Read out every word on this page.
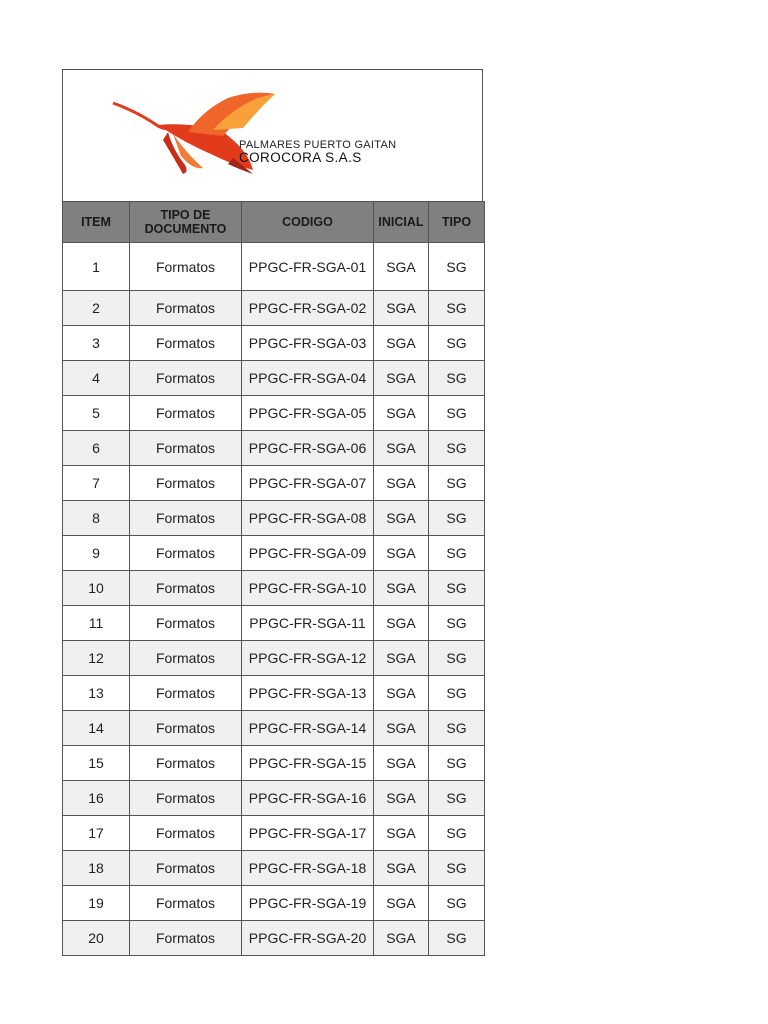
PALMARES PUERTO GAITAN
COROCORA S.A.S
ITEM	TIPO DE DOCUMENTO	CODIGO	INICIAL	TIPO
1	Formatos	PPGC-FR-SGA-01	SGA	SG
2	Formatos	PPGC-FR-SGA-02	SGA	SG
3	Formatos	PPGC-FR-SGA-03	SGA	SG
4	Formatos	PPGC-FR-SGA-04	SGA	SG
5	Formatos	PPGC-FR-SGA-05	SGA	SG
6	Formatos	PPGC-FR-SGA-06	SGA	SG
7	Formatos	PPGC-FR-SGA-07	SGA	SG
8	Formatos	PPGC-FR-SGA-08	SGA	SG
9	Formatos	PPGC-FR-SGA-09	SGA	SG
10	Formatos	PPGC-FR-SGA-10	SGA	SG
11	Formatos	PPGC-FR-SGA-11	SGA	SG
12	Formatos	PPGC-FR-SGA-12	SGA	SG
13	Formatos	PPGC-FR-SGA-13	SGA	SG
14	Formatos	PPGC-FR-SGA-14	SGA	SG
15	Formatos	PPGC-FR-SGA-15	SGA	SG
16	Formatos	PPGC-FR-SGA-16	SGA	SG
17	Formatos	PPGC-FR-SGA-17	SGA	SG
18	Formatos	PPGC-FR-SGA-18	SGA	SG
19	Formatos	PPGC-FR-SGA-19	SGA	SG
20	Formatos	PPGC-FR-SGA-20	SGA	SG
